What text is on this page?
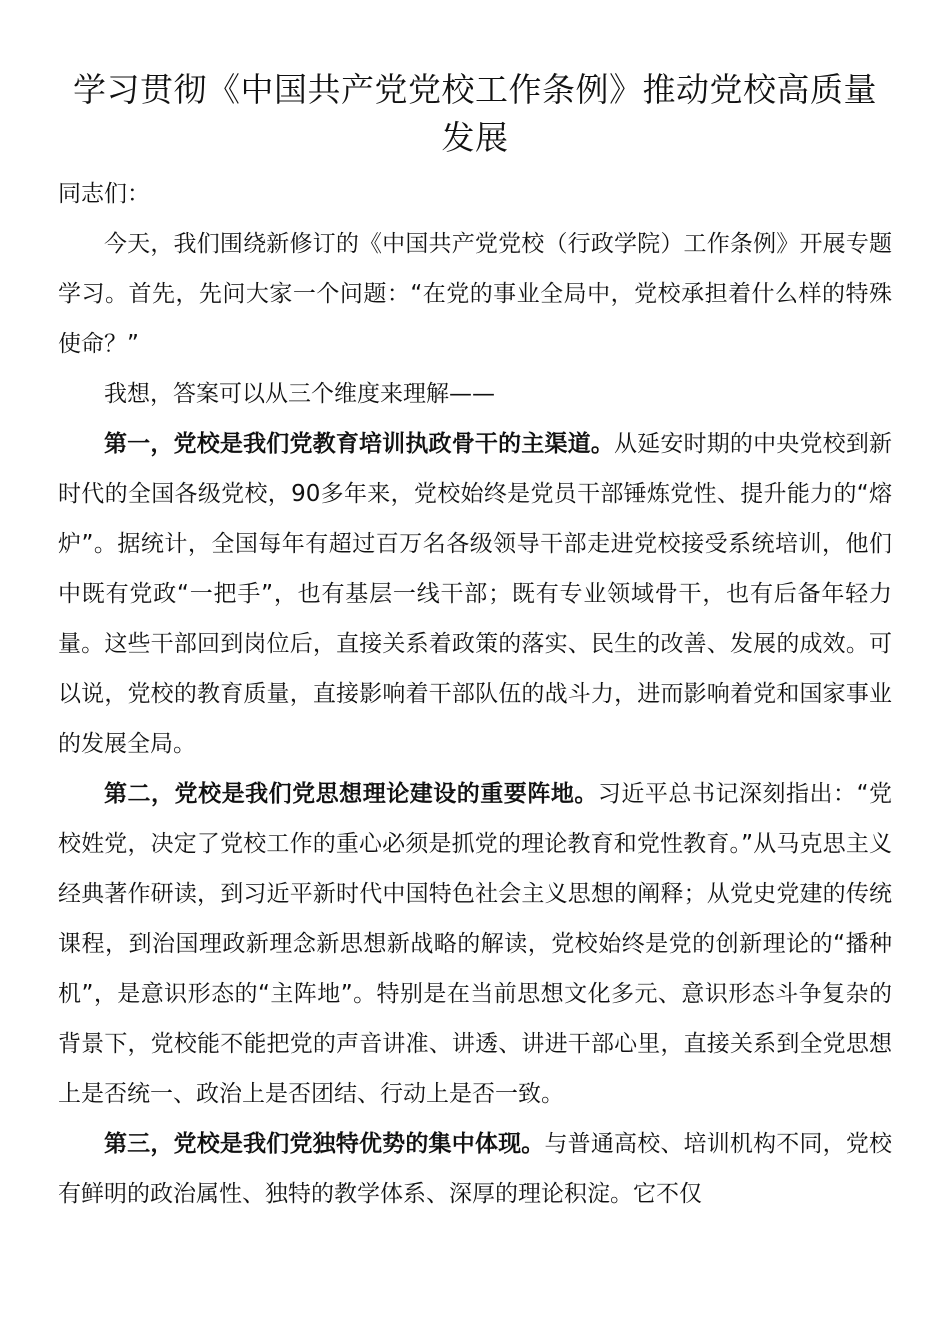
学习贯彻《中国共产党党校工作条例》推动党校高质量发展

同志们：

今天，我们围绕新修订的《中国共产党党校（行政学院）工作条例》开展专题学习。首先，先问大家一个问题：“在党的事业全局中，党校承担着什么样的特殊使命？”

我想，答案可以从三个维度来理解——

第一，党校是我们党教育培训执政骨干的主渠道。从延安时期的中央党校到新时代的全国各级党校，90多年来，党校始终是党员干部锤炼党性、提升能力的“熔炉”。据统计，全国每年有超过百万名各级领导干部走进党校接受系统培训，他们中既有党政“一把手”，也有基层一线干部；既有专业领域骨干，也有后备年轻力量。这些干部回到岗位后，直接关系着政策的落实、民生的改善、发展的成效。可以说，党校的教育质量，直接影响着干部队伍的战斗力，进而影响着党和国家事业的发展全局。

第二，党校是我们党思想理论建设的重要阵地。习近平总书记深刻指出：“党校姓党，决定了党校工作的重心必须是抓党的理论教育和党性教育。”从马克思主义经典著作研读，到习近平新时代中国特色社会主义思想的阐释；从党史党建的传统课程，到治国理政新理念新思想新战略的解读，党校始终是党的创新理论的“播种机”，是意识形态的“主阵地”。特别是在当前思想文化多元、意识形态斗争复杂的背景下，党校能不能把党的声音讲准、讲透、讲进干部心里，直接关系到全党思想上是否统一、政治上是否团结、行动上是否一致。

第三，党校是我们党独特优势的集中体现。与普通高校、培训机构不同，党校有鲜明的政治属性、独特的教学体系、深厚的理论积淀。它不仅
